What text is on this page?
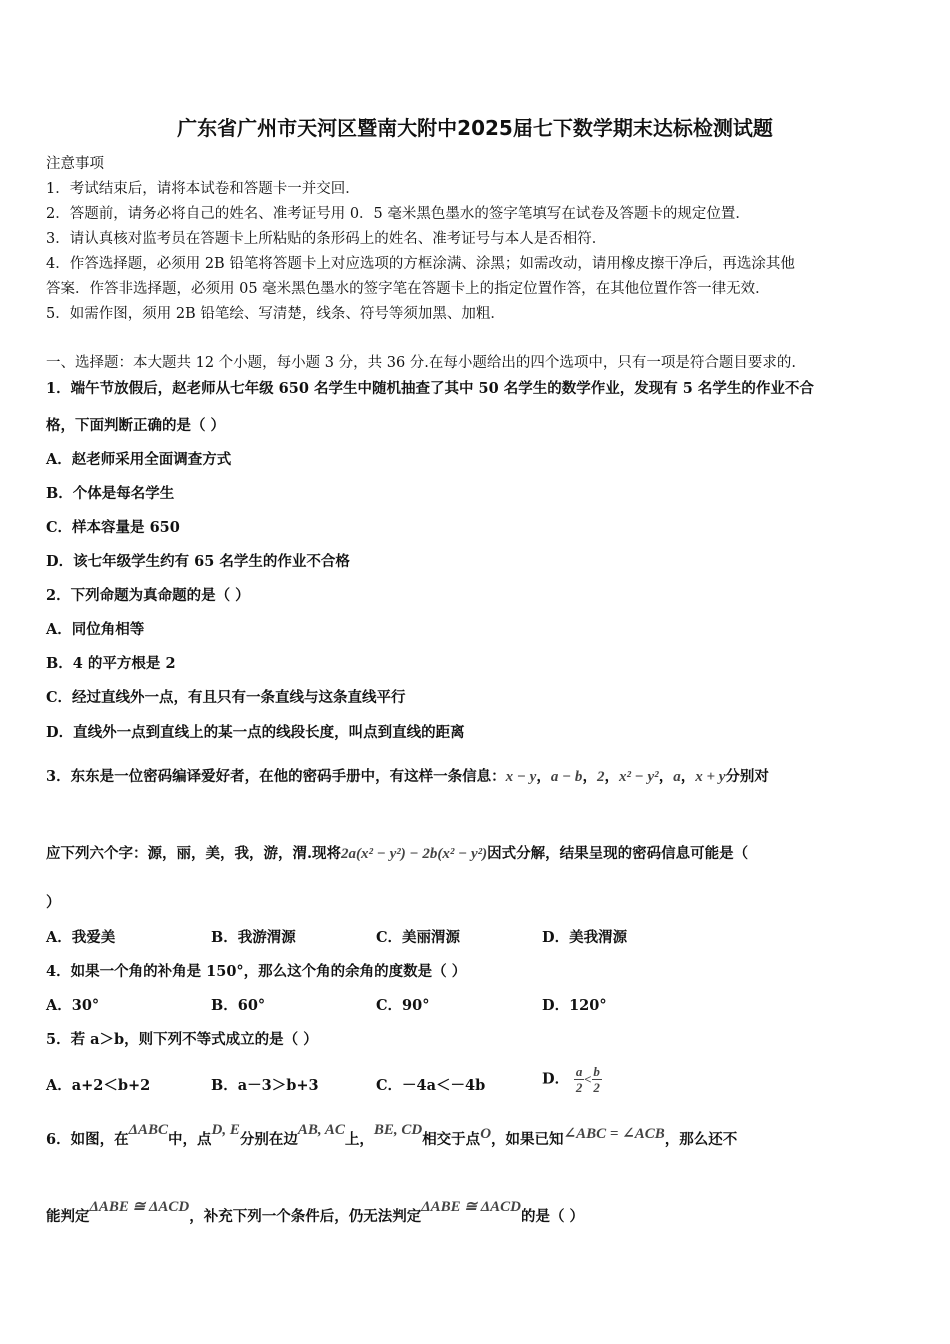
广东省广州市天河区暨南大附中2025届七下数学期末达标检测试题
注意事项
1．考试结束后，请将本试卷和答题卡一并交回．
2．答题前，请务必将自己的姓名、准考证号用 0．5 毫米黑色墨水的签字笔填写在试卷及答题卡的规定位置．
3．请认真核对监考员在答题卡上所粘贴的条形码上的姓名、准考证号与本人是否相符．
4．作答选择题，必须用 2B 铅笔将答题卡上对应选项的方框涂满、涂黑；如需改动，请用橡皮擦干净后，再选涂其他
答案．作答非选择题，必须用 05 毫米黑色墨水的签字笔在答题卡上的指定位置作答，在其他位置作答一律无效．
5．如需作图，须用 2B 铅笔绘、写清楚，线条、符号等须加黑、加粗．
一、选择题：本大题共 12 个小题，每小题 3 分，共 36 分.在每小题给出的四个选项中，只有一项是符合题目要求的.
1．端午节放假后，赵老师从七年级 650 名学生中随机抽查了其中 50 名学生的数学作业，发现有 5 名学生的作业不合
格，下面判断正确的是（ ）
A．赵老师采用全面调查方式
B．个体是每名学生
C．样本容量是 650
D．该七年级学生约有 65 名学生的作业不合格
2．下列命题为真命题的是（ ）
A．同位角相等
B．4 的平方根是 2
C．经过直线外一点，有且只有一条直线与这条直线平行
D．直线外一点到直线上的某一点的线段长度，叫点到直线的距离
3．东东是一位密码编译爱好者，在他的密码手册中，有这样一条信息：x − y，a − b，2，x² − y²，a，x + y分别对
应下列六个字：源，丽，美，我，游，渭.现将2a(x² − y²) − 2b(x² − y²)因式分解，结果呈现的密码信息可能是（
）
A．我爱美	B．我游渭源	C．美丽渭源	D．美我渭源
4．如果一个角的补角是 150°，那么这个角的余角的度数是（ ）
A．30°	B．60°	C．90°	D．120°
5．若 a＞b，则下列不等式成立的是（ ）
A．a+2＜b+2	B．a－3＞b+3	C．－4a＜－4b	D． $\frac{a}{2} < \frac{b}{2}$
6．如图，在ΔABC中，点D, E分别在边AB, AC上，BE, CD相交于点O，如果已知∠ABC = ∠ACB，那么还不
能判定ΔABE ≅ ΔACD，补充下列一个条件后，仍无法判定ΔABE ≅ ΔACD的是（ ）
